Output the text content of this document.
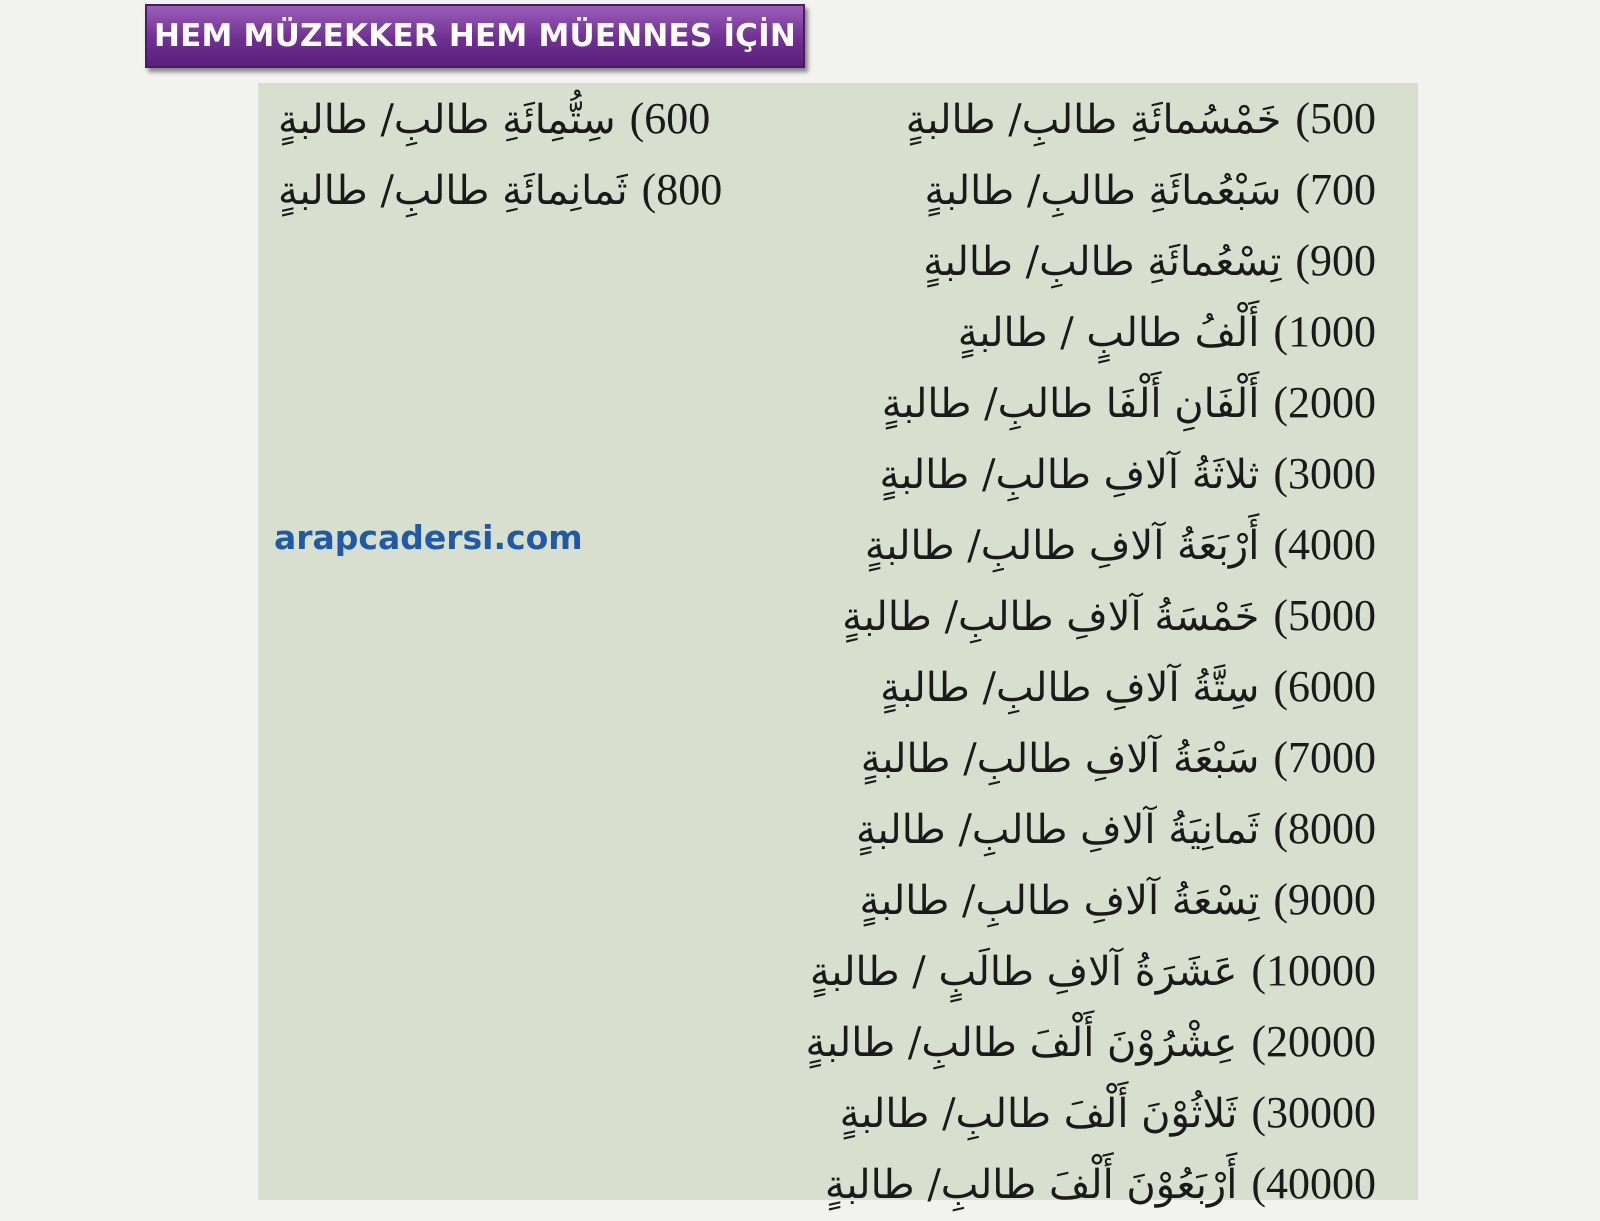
HEM MÜZEKKER HEM MÜENNES İÇİN
(500خَمْسُمائَةِ طالبِ/ طالبةٍ
(700سَبْعُمائَةِ طالبِ/ طالبةٍ
(900تِسْعُمائَةِ طالبِ/ طالبةٍ
(1000أَلْفُ طالبٍ / طالبةٍ
(2000أَلْفَانِ أَلْفَا طالبِ/ طالبةٍ
(3000ثلاثَةُ آلافِ طالبِ/ طالبةٍ
(4000أَرْبَعَةُ آلافِ طالبِ/ طالبةٍ
(5000خَمْسَةُ آلافِ طالبِ/ طالبةٍ
(6000سِتَّةُ آلافِ طالبِ/ طالبةٍ
(7000سَبْعَةُ آلافِ طالبِ/ طالبةٍ
(8000ثَمانِيَةُ آلافِ طالبِ/ طالبةٍ
(9000تِسْعَةُ آلافِ طالبِ/ طالبةٍ
(10000عَشَرَةُ آلافِ طالَبٍ / طالبةٍ
(20000عِشْرُوْنَ أَلْفَ طالبِ/ طالبةٍ
(30000ثَلاثُوْنَ أَلْفَ طالبِ/ طالبةٍ
(40000أَرْبَعُوْنَ أَلْفَ طالبِ/ طالبةٍ
(600سِتُّمِائَةِ طالبِ/ طالبةٍ
(800ثَمانِمائَةِ طالبِ/ طالبةٍ
arapcadersi.com
